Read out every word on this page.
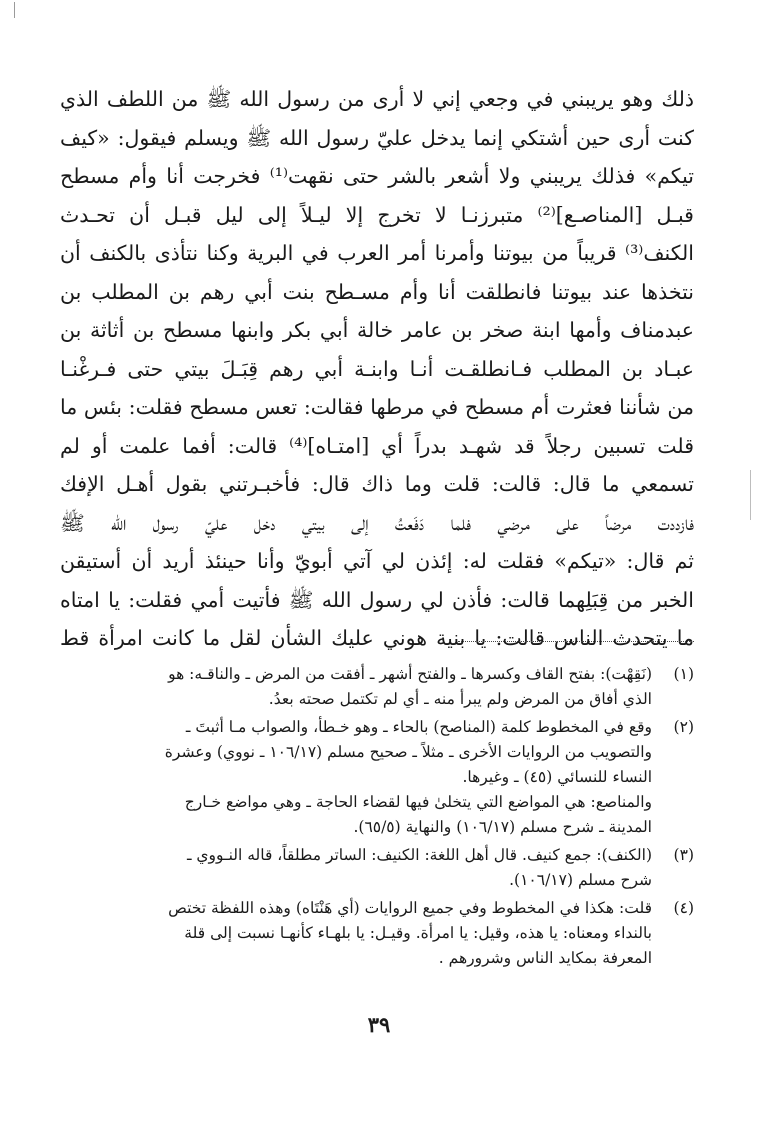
ذلك وهو يريبني في وجعي إني لا أرى من رسول الله ﷺ من اللطف الذي
كنت أرى حين أشتكي إنما يدخل عليّ رسول الله ﷺ ويسلم فيقول: «كيف
تيكم» فذلك يريبني ولا أشعر بالشر حتى نقهت⁽¹⁾ فخرجت أنا وأم مسطح
قبـل [المناصـع]⁽²⁾ متبرزنـا لا تخرج إلا ليـلاً إلى ليل قبـل أن تحـدث
الكنف⁽³⁾ قريباً من بيوتنا وأمرنا أمر العرب في البرية وكنا نتأذى بالكنف أن
نتخذها عند بيوتنا فانطلقت أنا وأم مسـطح بنت أبي رهم بن المطلب بن
عبدمناف وأمها ابنة صخر بن عامر خالة أبي بكر وابنها مسطح بن أثاثة بن
عبـاد بن المطلب فـانطلقـت أنـا وابنـة أبي رهم قِبَـلَ بيتي حتى فـرغْنـا
من شأننا فعثرت أم مسطح في مرطها فقالت: تعس مسطح فقلت: بئس ما
قلت تسبين رجلاً قد شهـد بدراً أي [امتـاه]⁽⁴⁾ قالت: أفما علمت أو لم
تسمعي ما قال: قالت: قلت وما ذاك قال: فأخبـرتني بقول أهـل الإفك
فازددت مرضاً على مرضي فلما دَفَعتُ إلى بيتي دخل عليّ رسول الله ﷺ
ثم قال: «تيكم» فقلت له: إئذن لي آتي أبويّ وأنا حينئذ أريد أن أستيقن
الخبر من قِبَلِهما قالت: فأذن لي رسول الله ﷺ فأتيت أمي فقلت: يا امتاه
ما يتحدث الناس قالت: يا بنية هوني عليك الشأن لقل ما كانت امرأة قط
(١)
(نَقِهْت): بفتح القاف وكسرها ـ والفتح أشهر ـ أفقت من المرض ـ والناقـه: هو
الذي أفاق من المرض ولم يبرأ منه ـ أي لم تكتمل صحته بعدُ.
(٢)
وقع في المخطوط كلمة (المناصح) بالحاء ـ وهو خـطأ، والصواب مـا أثبتَ ـ
والتصويب من الروايات الأخرى ـ مثلاً ـ صحيح مسلم (١٠٦/١٧ ـ نووي) وعشرة
النساء للنسائي (٤٥) ـ وغيرها.
والمناصع: هي المواضع التي يتخلىٰ فيها لقضاء الحاجة ـ وهي مواضع خـارج
المدينة ـ شرح مسلم (١٠٦/١٧) والنهاية (٦٥/٥).
(٣)
(الكنف): جمع كنيف. قال أهل اللغة: الكنيف: الساتر مطلقاً، قاله النـووي ـ
شرح مسلم (١٠٦/١٧).
(٤)
قلت: هكذا في المخطوط وفي جميع الروايات (أي هَنْتَاه) وهذه اللفظة تختص
بالنداء ومعناه: يا هذه، وقيل: يا امرأة. وقيـل: يا بلهـاء كأنهـا نسبت إلى قلة
المعرفة بمكايد الناس وشرورهم .
٣٩
